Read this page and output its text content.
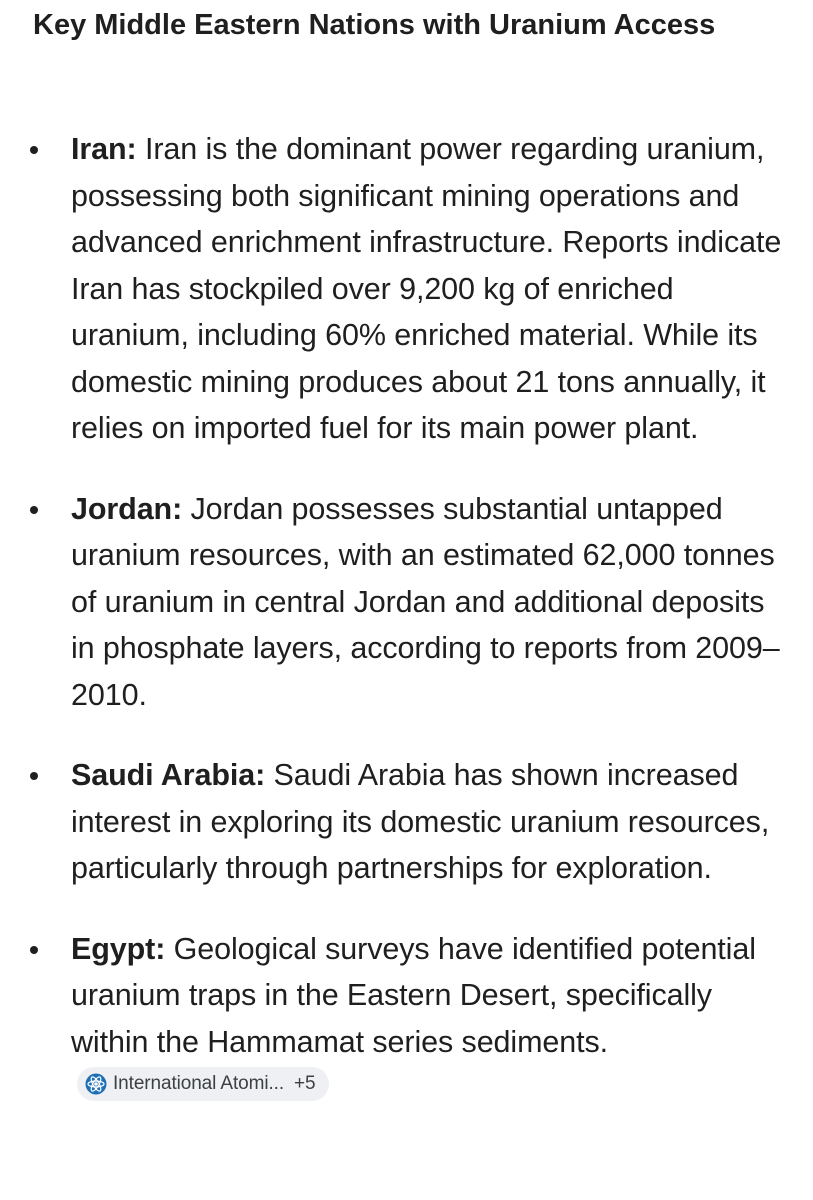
Key Middle Eastern Nations with Uranium Access
Iran: Iran is the dominant power regarding uranium, possessing both significant mining operations and advanced enrichment infrastructure. Reports indicate Iran has stockpiled over 9,200 kg of enriched uranium, including 60% enriched material. While its domestic mining produces about 21 tons annually, it relies on imported fuel for its main power plant.
Jordan: Jordan possesses substantial untapped uranium resources, with an estimated 62,000 tonnes of uranium in central Jordan and additional deposits in phosphate layers, according to reports from 2009–2010.
Saudi Arabia: Saudi Arabia has shown increased interest in exploring its domestic uranium resources, particularly through partnerships for exploration.
Egypt: Geological surveys have identified potential uranium traps in the Eastern Desert, specifically within the Hammamat series sediments.
International Atomi... +5
